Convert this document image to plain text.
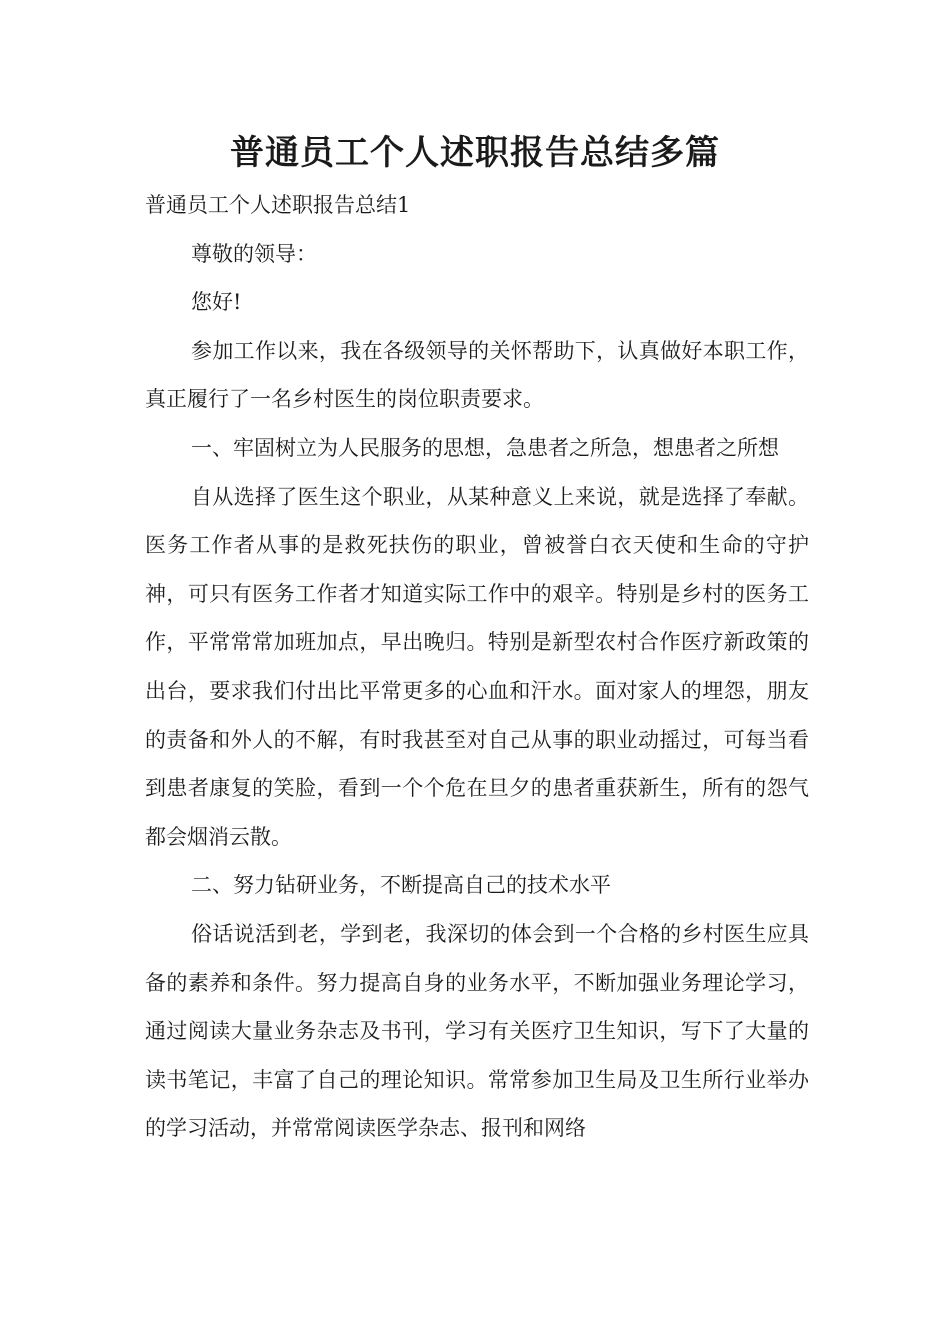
普通员工个人述职报告总结多篇

普通员工个人述职报告总结1

尊敬的领导：

您好!

参加工作以来，我在各级领导的关怀帮助下，认真做好本职工作，真正履行了一名乡村医生的岗位职责要求。

一、牢固树立为人民服务的思想，急患者之所急，想患者之所想

自从选择了医生这个职业，从某种意义上来说，就是选择了奉献。医务工作者从事的是救死扶伤的职业，曾被誉白衣天使和生命的守护神，可只有医务工作者才知道实际工作中的艰辛。特别是乡村的医务工作，平常常常加班加点，早出晚归。特别是新型农村合作医疗新政策的出台，要求我们付出比平常更多的心血和汗水。面对家人的埋怨，朋友的责备和外人的不解，有时我甚至对自己从事的职业动摇过，可每当看到患者康复的笑脸，看到一个个危在旦夕的患者重获新生，所有的怨气都会烟消云散。

二、努力钻研业务，不断提高自己的技术水平

俗话说活到老，学到老，我深切的体会到一个合格的乡村医生应具备的素养和条件。努力提高自身的业务水平，不断加强业务理论学习，通过阅读大量业务杂志及书刊，学习有关医疗卫生知识，写下了大量的读书笔记，丰富了自己的理论知识。常常参加卫生局及卫生所行业举办的学习活动，并常常阅读医学杂志、报刊和网络
